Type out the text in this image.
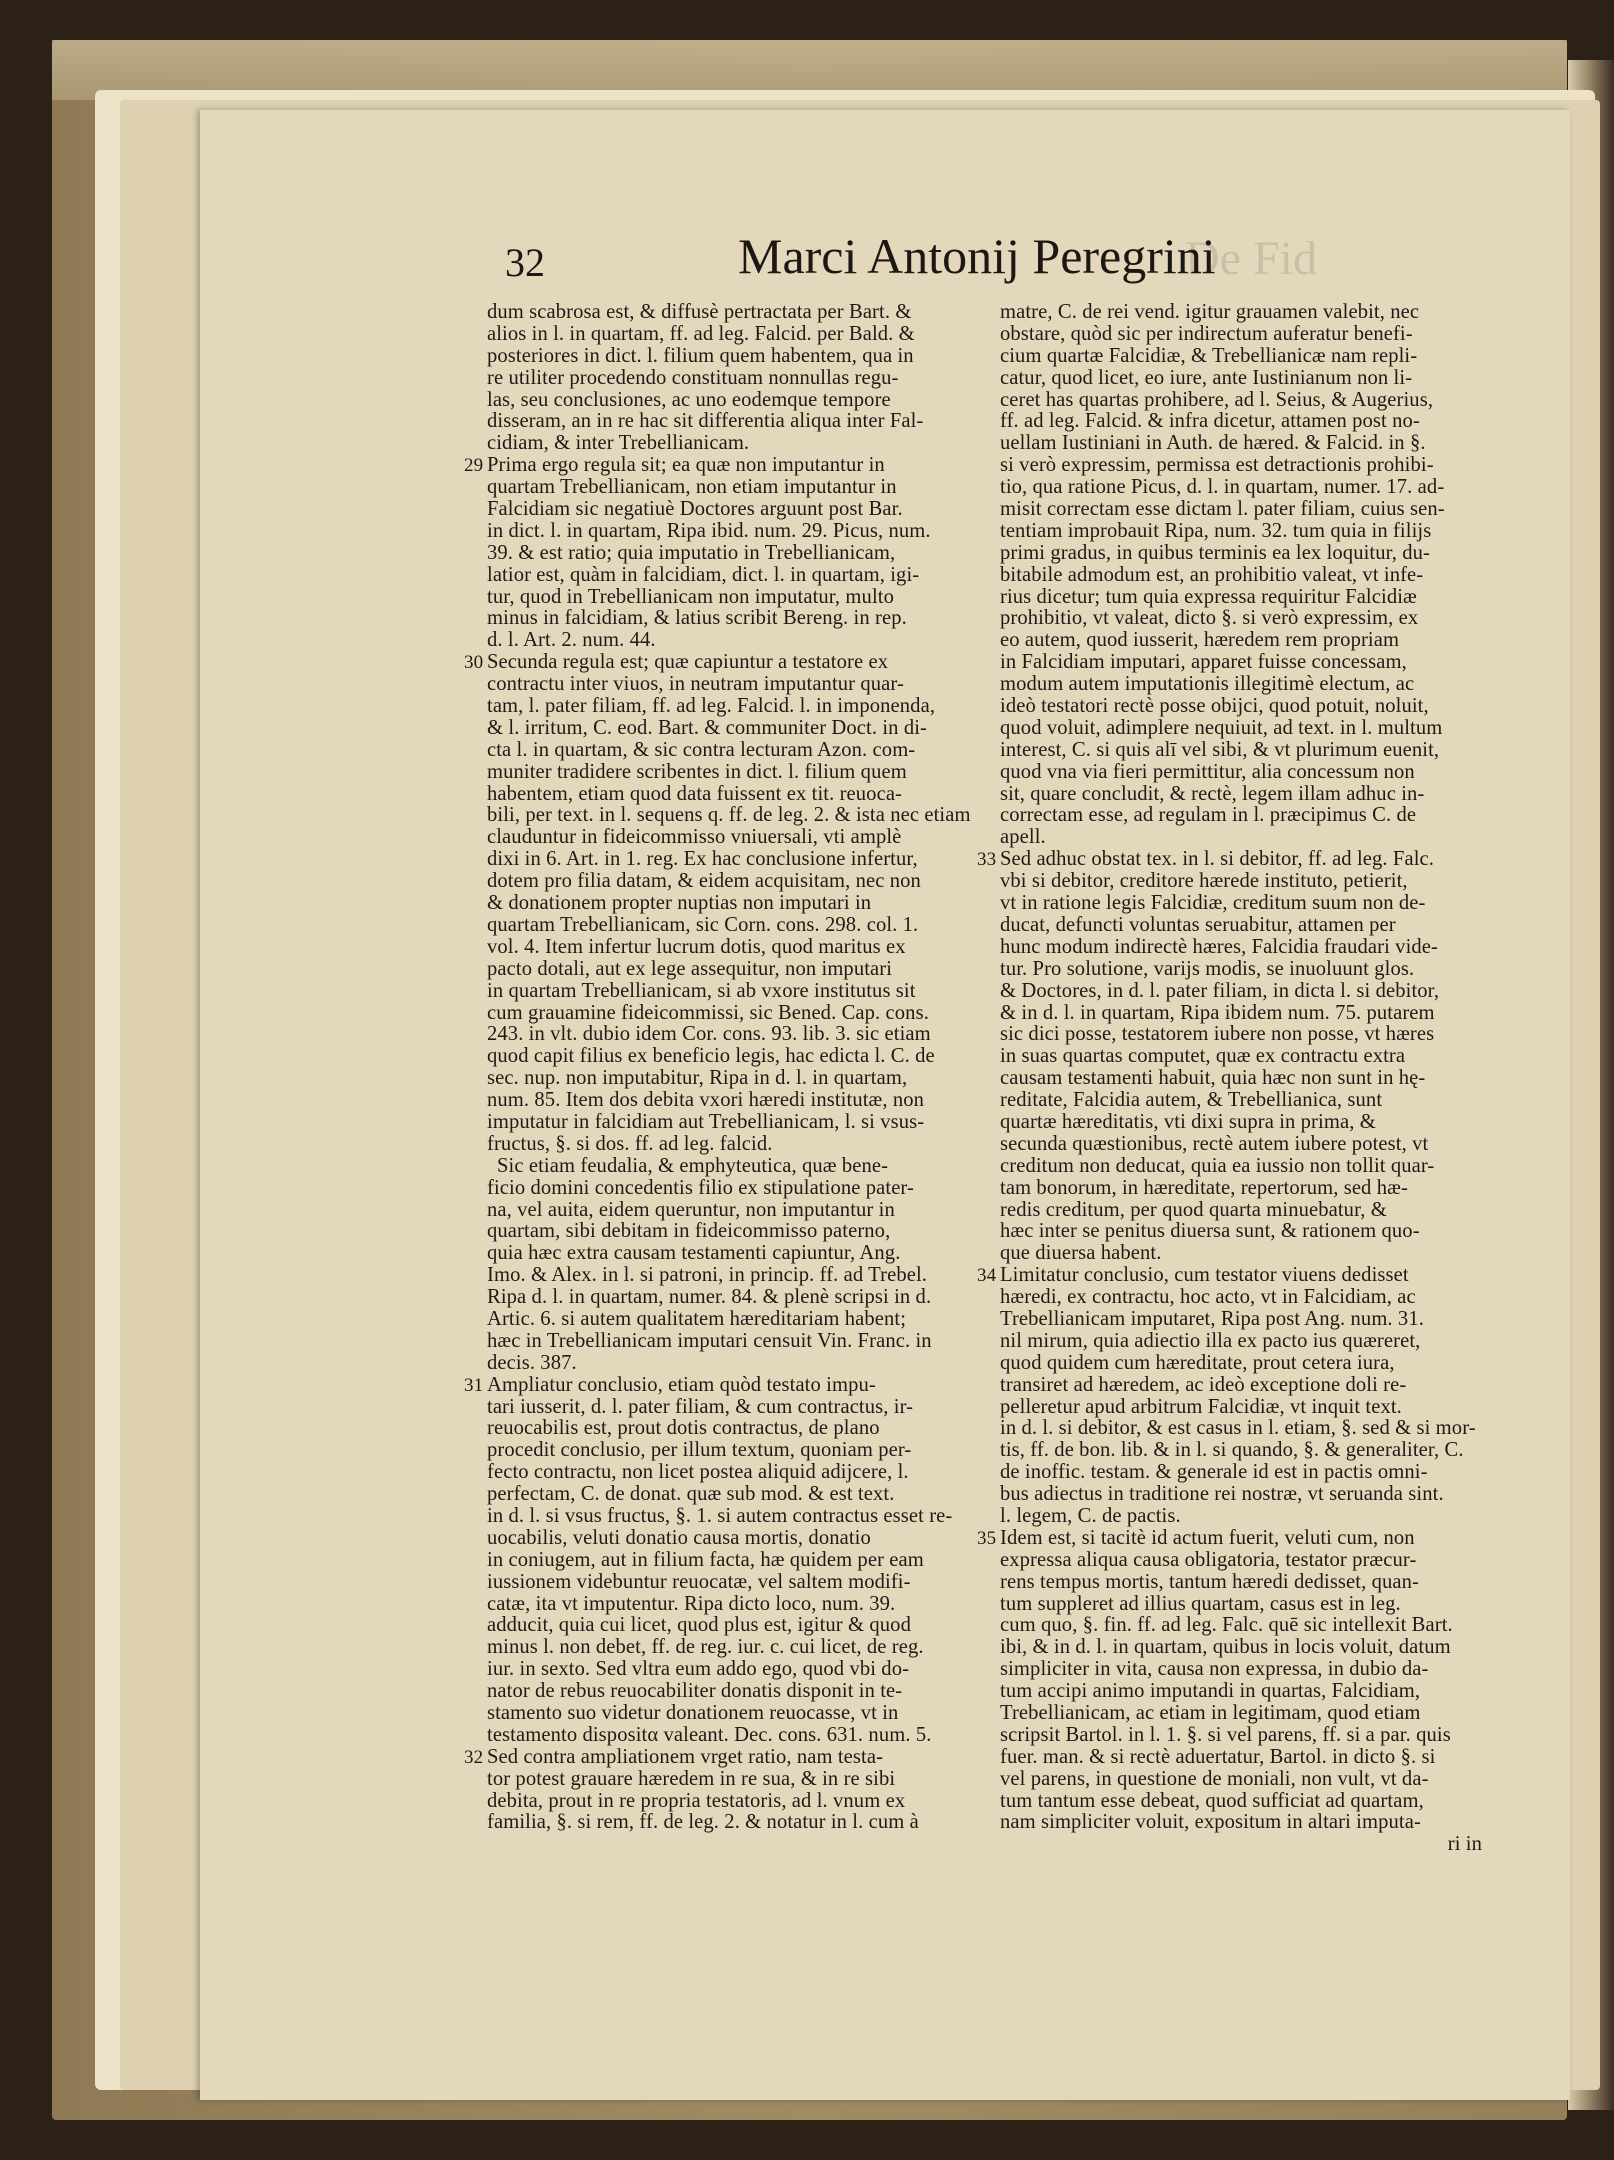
32	Marci Antonij Peregrini
De Fid
dum scabrosa est, & diffusè pertractata per Bart. &
alios in l. in quartam, ff. ad leg. Falcid. per Bald. &
posteriores in dict. l. filium quem habentem, qua in
re utiliter procedendo constituam nonnullas regu-
las, seu conclusiones, ac uno eodemque tempore
disseram, an in re hac sit differentia aliqua inter Fal-
cidiam, & inter Trebellianicam.
29 Prima ergo regula sit; ea quæ non imputantur in
quartam Trebellianicam, non etiam imputantur in
Falcidiam sic negatiuè Doctores arguunt post Bar.
in dict. l. in quartam, Ripa ibid. num. 29. Picus, num.
39. & est ratio; quia imputatio in Trebellianicam,
latior est, quàm in falcidiam, dict. l. in quartam, igi-
tur, quod in Trebellianicam non imputatur, multo
minus in falcidiam, & latius scribit Bereng. in rep.
d. l. Art. 2. num. 44.
30 Secunda regula est; quæ capiuntur a testatore ex
contractu inter viuos, in neutram imputantur quar-
tam, l. pater filiam, ff. ad leg. Falcid. l. in imponenda,
& l. irritum, C. eod. Bart. & communiter Doct. in di-
cta l. in quartam, & sic contra lecturam Azon. com-
muniter tradidere scribentes in dict. l. filium quem
habentem, etiam quod data fuissent ex tit. reuoca-
bili, per text. in l. sequens q. ff. de leg. 2. & ista nec etiam
clauduntur in fideicommisso vniuersali, vti amplè
dixi in 6. Art. in 1. reg. Ex hac conclusione infertur,
dotem pro filia datam, & eidem acquisitam, nec non
& donationem propter nuptias non imputari in
quartam Trebellianicam, sic Corn. cons. 298. col. 1.
vol. 4. Item infertur lucrum dotis, quod maritus ex
pacto dotali, aut ex lege assequitur, non imputari
in quartam Trebellianicam, si ab vxore institutus sit
cum grauamine fideicommissi, sic Bened. Cap. cons.
243. in vlt. dubio idem Cor. cons. 93. lib. 3. sic etiam
quod capit filius ex beneficio legis, hac edicta l. C. de
sec. nup. non imputabitur, Ripa in d. l. in quartam,
num. 85. Item dos debita vxori hæredi institutæ, non
imputatur in falcidiam aut Trebellianicam, l. si vsus-
fructus, §. si dos. ff. ad leg. falcid.
Sic etiam feudalia, & emphyteutica, quæ bene-
ficio domini concedentis filio ex stipulatione pater-
na, vel auita, eidem queruntur, non imputantur in
quartam, sibi debitam in fideicommisso paterno,
quia hæc extra causam testamenti capiuntur, Ang.
Imo. & Alex. in l. si patroni, in princip. ff. ad Trebel.
Ripa d. l. in quartam, numer. 84. & plenè scripsi in d.
Artic. 6. si autem qualitatem hæreditariam habent;
hæc in Trebellianicam imputari censuit Vin. Franc. in
decis. 387.
31 Ampliatur conclusio, etiam quòd testato impu-
tari iusserit, d. l. pater filiam, & cum contractus, ir-
reuocabilis est, prout dotis contractus, de plano
procedit conclusio, per illum textum, quoniam per-
fecto contractu, non licet postea aliquid adijcere, l.
perfectam, C. de donat. quæ sub mod. & est text.
in d. l. si vsus fructus, §. 1. si autem contractus esset re-
uocabilis, veluti donatio causa mortis, donatio
in coniugem, aut in filium facta, hæ quidem per eam
iussionem videbuntur reuocatæ, vel saltem modifi-
catæ, ita vt imputentur. Ripa dicto loco, num. 39.
adducit, quia cui licet, quod plus est, igitur & quod
minus l. non debet, ff. de reg. iur. c. cui licet, de reg.
iur. in sexto. Sed vltra eum addo ego, quod vbi do-
nator de rebus reuocabiliter donatis disponit in te-
stamento suo videtur donationem reuocasse, vt in
testamento dispositα valeant. Dec. cons. 631. num. 5.
32 Sed contra ampliationem vrget ratio, nam testa-
tor potest grauare hæredem in re sua, & in re sibi
debita, prout in re propria testatoris, ad l. vnum ex
familia, §. si rem, ff. de leg. 2. & notatur in l. cum à
matre, C. de rei vend. igitur grauamen valebit, nec
obstare, quòd sic per indirectum auferatur benefi-
cium quartæ Falcidiæ, & Trebellianicæ nam repli-
catur, quod licet, eo iure, ante Iustinianum non li-
ceret has quartas prohibere, ad l. Seius, & Augerius,
ff. ad leg. Falcid. & infra dicetur, attamen post no-
uellam Iustiniani in Auth. de hæred. & Falcid. in §.
si verò expressim, permissa est detractionis prohibi-
tio, qua ratione Picus, d. l. in quartam, numer. 17. ad-
misit correctam esse dictam l. pater filiam, cuius sen-
tentiam improbauit Ripa, num. 32. tum quia in filijs
primi gradus, in quibus terminis ea lex loquitur, du-
bitabile admodum est, an prohibitio valeat, vt infe-
rius dicetur; tum quia expressa requiritur Falcidiæ
prohibitio, vt valeat, dicto §. si verò expressim, ex
eo autem, quod iusserit, hæredem rem propriam
in Falcidiam imputari, apparet fuisse concessam,
modum autem imputationis illegitimè electum, ac
ideò testatori rectè posse obijci, quod potuit, noluit,
quod voluit, adimplere nequiuit, ad text. in l. multum
interest, C. si quis alī vel sibi, & vt plurimum euenit,
quod vna via fieri permittitur, alia concessum non
sit, quare concludit, & rectè, legem illam adhuc in-
correctam esse, ad regulam in l. præcipimus C. de
apell.
33 Sed adhuc obstat tex. in l. si debitor, ff. ad leg. Falc.
vbi si debitor, creditore hærede instituto, petierit,
vt in ratione legis Falcidiæ, creditum suum non de-
ducat, defuncti voluntas seruabitur, attamen per
hunc modum indirectè hæres, Falcidia fraudari vide-
tur. Pro solutione, varijs modis, se inuoluunt glos.
& Doctores, in d. l. pater filiam, in dicta l. si debitor,
& in d. l. in quartam, Ripa ibidem num. 75. putarem
sic dici posse, testatorem iubere non posse, vt hæres
in suas quartas computet, quæ ex contractu extra
causam testamenti habuit, quia hæc non sunt in hę-
reditate, Falcidia autem, & Trebellianica, sunt
quartæ hæreditatis, vti dixi supra in prima, &
secunda quæstionibus, rectè autem iubere potest, vt
creditum non deducat, quia ea iussio non tollit quar-
tam bonorum, in hæreditate, repertorum, sed hæ-
redis creditum, per quod quarta minuebatur, &
hæc inter se penitus diuersa sunt, & rationem quo-
que diuersa habent.
34 Limitatur conclusio, cum testator viuens dedisset
hæredi, ex contractu, hoc acto, vt in Falcidiam, ac
Trebellianicam imputaret, Ripa post Ang. num. 31.
nil mirum, quia adiectio illa ex pacto ius quæreret,
quod quidem cum hæreditate, prout cetera iura,
transiret ad hæredem, ac ideò exceptione doli re-
pelleretur apud arbitrum Falcidiæ, vt inquit text.
in d. l. si debitor, & est casus in l. etiam, §. sed & si mor-
tis, ff. de bon. lib. & in l. si quando, §. & generaliter, C.
de inoffic. testam. & generale id est in pactis omni-
bus adiectus in traditione rei nostræ, vt seruanda sint.
l. legem, C. de pactis.
35 Idem est, si tacitè id actum fuerit, veluti cum, non
expressa aliqua causa obligatoria, testator præcur-
rens tempus mortis, tantum hæredi dedisset, quan-
tum suppleret ad illius quartam, casus est in leg.
cum quo, §. fin. ff. ad leg. Falc. quē sic intellexit Bart.
ibi, & in d. l. in quartam, quibus in locis voluit, datum
simpliciter in vita, causa non expressa, in dubio da-
tum accipi animo imputandi in quartas, Falcidiam,
Trebellianicam, ac etiam in legitimam, quod etiam
scripsit Bartol. in l. 1. §. si vel parens, ff. si a par. quis
fuer. man. & si rectè aduertatur, Bartol. in dicto §. si
vel parens, in questione de moniali, non vult, vt da-
tum tantum esse debeat, quod sufficiat ad quartam,
nam simpliciter voluit, expositum in altari imputa-
ri in
